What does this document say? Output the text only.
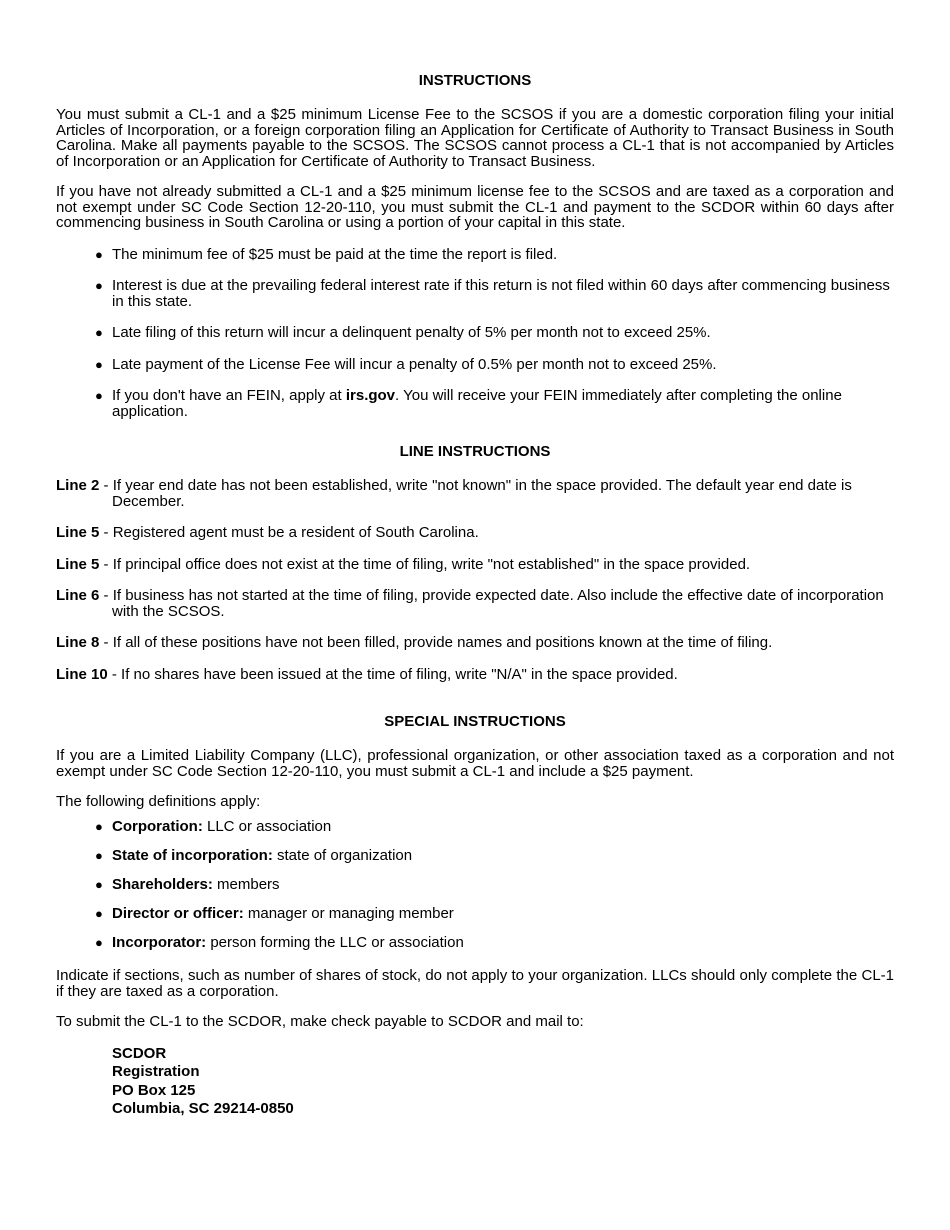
INSTRUCTIONS

You must submit a CL-1 and a $25 minimum License Fee to the SCSOS if you are a domestic corporation filing your initial Articles of Incorporation, or a foreign corporation filing an Application for Certificate of Authority to Transact Business in South Carolina. Make all payments payable to the SCSOS. The SCSOS cannot process a CL-1 that is not accompanied by Articles of Incorporation or an Application for Certificate of Authority to Transact Business.

If you have not already submitted a CL-1 and a $25 minimum license fee to the SCSOS and are taxed as a corporation and not exempt under SC Code Section 12-20-110, you must submit the CL-1 and payment to the SCDOR within 60 days after commencing business in South Carolina or using a portion of your capital in this state.

● The minimum fee of $25 must be paid at the time the report is filed.
● Interest is due at the prevailing federal interest rate if this return is not filed within 60 days after commencing business in this state.
● Late filing of this return will incur a delinquent penalty of 5% per month not to exceed 25%.
● Late payment of the License Fee will incur a penalty of 0.5% per month not to exceed 25%.
● If you don't have an FEIN, apply at irs.gov. You will receive your FEIN immediately after completing the online application.
LINE INSTRUCTIONS
Line 2 - If year end date has not been established, write "not known" in the space provided. The default year end date is December.
Line 5 - Registered agent must be a resident of South Carolina.
Line 5 - If principal office does not exist at the time of filing, write "not established" in the space provided.
Line 6 - If business has not started at the time of filing, provide expected date. Also include the effective date of incorporation with the SCSOS.
Line 8 - If all of these positions have not been filled, provide names and positions known at the time of filing.
Line 10 - If no shares have been issued at the time of filing, write "N/A" in the space provided.
SPECIAL INSTRUCTIONS

If you are a Limited Liability Company (LLC), professional organization, or other association taxed as a corporation and not exempt under SC Code Section 12-20-110, you must submit a CL-1 and include a $25 payment.

The following definitions apply:

● Corporation: LLC or association
● State of incorporation: state of organization
● Shareholders: members
● Director or officer: manager or managing member
● Incorporator: person forming the LLC or association

Indicate if sections, such as number of shares of stock, do not apply to your organization. LLCs should only complete the CL-1 if they are taxed as a corporation.

To submit the CL-1 to the SCDOR, make check payable to SCDOR and mail to:

SCDOR
Registration
PO Box 125
Columbia, SC 29214-0850
